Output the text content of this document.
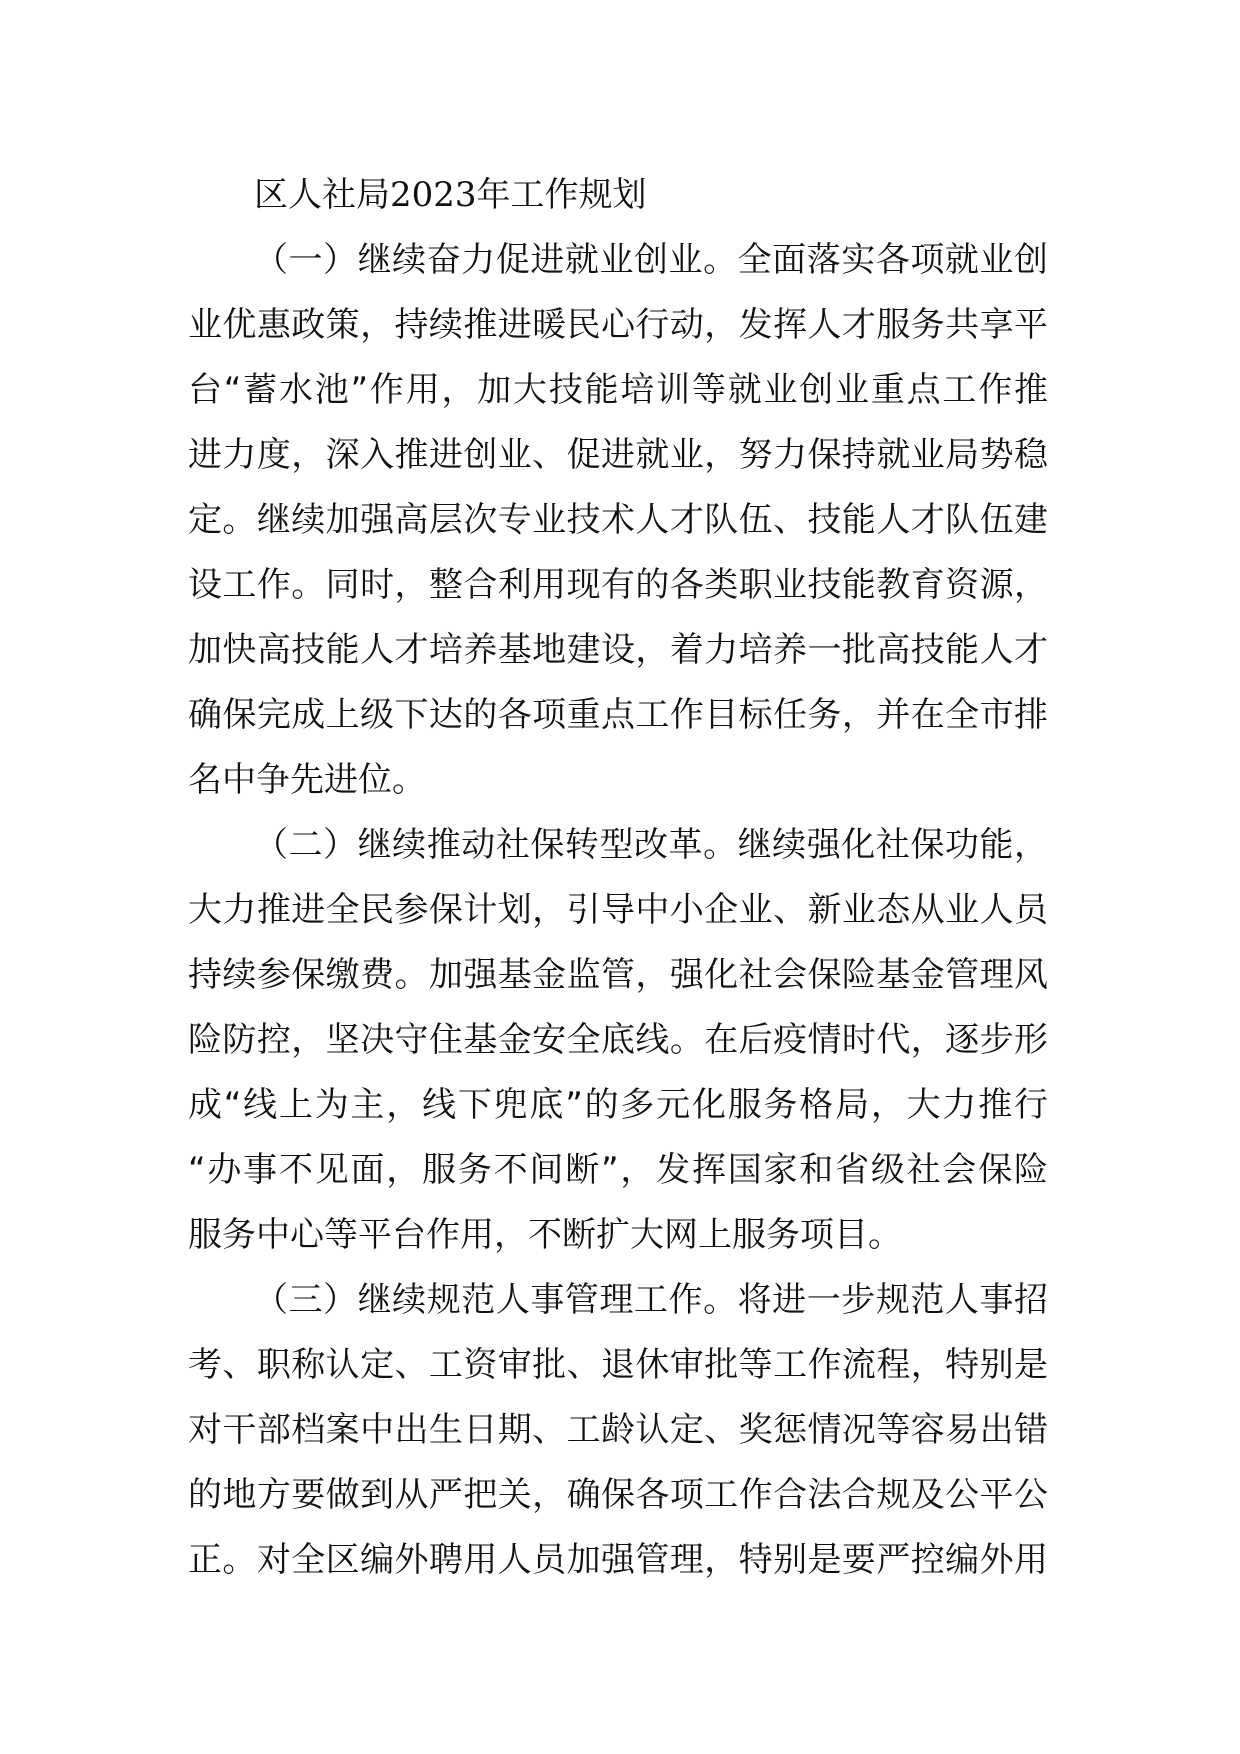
区人社局2023年工作规划
（一）继续奋力促进就业创业。全面落实各项就业创
业优惠政策，持续推进暖民心行动，发挥人才服务共享平
台“蓄水池”作用，加大技能培训等就业创业重点工作推
进力度，深入推进创业、促进就业，努力保持就业局势稳
定。继续加强高层次专业技术人才队伍、技能人才队伍建
设工作。同时，整合利用现有的各类职业技能教育资源，
加快高技能人才培养基地建设，着力培养一批高技能人才
确保完成上级下达的各项重点工作目标任务，并在全市排
名中争先进位。
（二）继续推动社保转型改革。继续强化社保功能，
大力推进全民参保计划，引导中小企业、新业态从业人员
持续参保缴费。加强基金监管，强化社会保险基金管理风
险防控，坚决守住基金安全底线。在后疫情时代，逐步形
成“线上为主，线下兜底”的多元化服务格局，大力推行
“办事不见面，服务不间断”，发挥国家和省级社会保险
服务中心等平台作用，不断扩大网上服务项目。
（三）继续规范人事管理工作。将进一步规范人事招
考、职称认定、工资审批、退休审批等工作流程，特别是
对干部档案中出生日期、工龄认定、奖惩情况等容易出错
的地方要做到从严把关，确保各项工作合法合规及公平公
正。对全区编外聘用人员加强管理，特别是要严控编外用
